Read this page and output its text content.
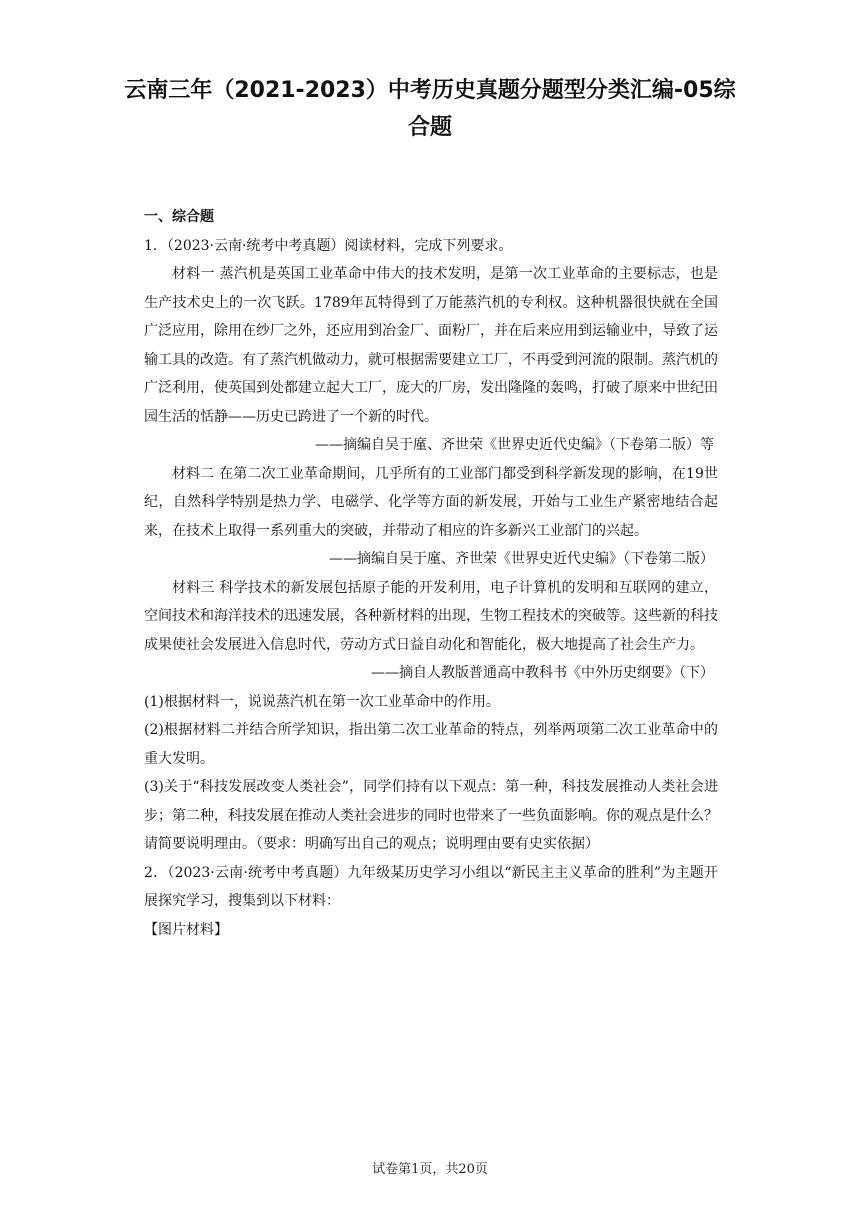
云南三年（2021-2023）中考历史真题分题型分类汇编-05综
合题
一、综合题
1．（2023·云南·统考中考真题）阅读材料，完成下列要求。
材料一 蒸汽机是英国工业革命中伟大的技术发明，是第一次工业革命的主要标志，也是生产技术史上的一次飞跃。1789年瓦特得到了万能蒸汽机的专利权。这种机器很快就在全国广泛应用，除用在纱厂之外，还应用到冶金厂、面粉厂，并在后来应用到运输业中，导致了运输工具的改造。有了蒸汽机做动力，就可根据需要建立工厂，不再受到河流的限制。蒸汽机的广泛利用，使英国到处都建立起大工厂，庞大的厂房，发出隆隆的轰鸣，打破了原来中世纪田园生活的恬静——历史已跨进了一个新的时代。
——摘编自吴于廑、齐世荣《世界史近代史编》（下卷第二版）等
材料二 在第二次工业革命期间，几乎所有的工业部门都受到科学新发现的影响，在19世纪，自然科学特别是热力学、电磁学、化学等方面的新发展，开始与工业生产紧密地结合起来，在技术上取得一系列重大的突破，并带动了相应的许多新兴工业部门的兴起。
——摘编自吴于廑、齐世荣《世界史近代史编》（下卷第二版）
材料三 科学技术的新发展包括原子能的开发利用，电子计算机的发明和互联网的建立，空间技术和海洋技术的迅速发展，各种新材料的出现，生物工程技术的突破等。这些新的科技成果使社会发展进入信息时代，劳动方式日益自动化和智能化，极大地提高了社会生产力。
——摘自人教版普通高中教科书《中外历史纲要》（下）
(1)根据材料一，说说蒸汽机在第一次工业革命中的作用。
(2)根据材料二并结合所学知识，指出第二次工业革命的特点，列举两项第二次工业革命中的重大发明。
(3)关于“科技发展改变人类社会”，同学们持有以下观点：第一种，科技发展推动人类社会进步；第二种，科技发展在推动人类社会进步的同时也带来了一些负面影响。你的观点是什么？请简要说明理由。（要求：明确写出自己的观点；说明理由要有史实依据）
2．（2023·云南·统考中考真题）九年级某历史学习小组以“新民主主义革命的胜利”为主题开展探究学习，搜集到以下材料：
【图片材料】
试卷第1页，共20页
